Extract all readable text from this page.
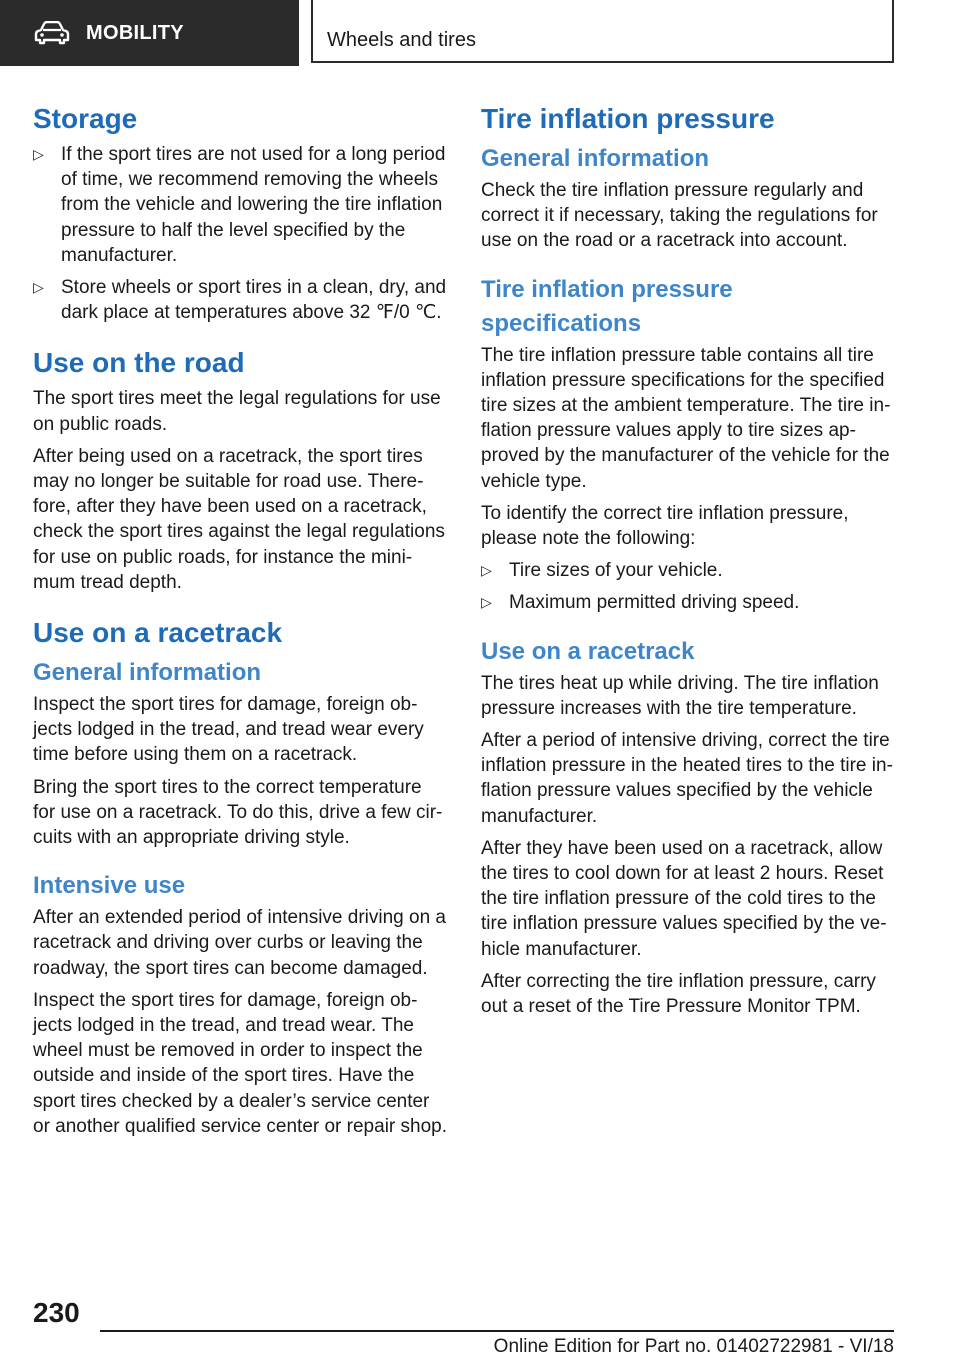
MOBILITY	Wheels and tires
Storage
▷ If the sport tires are not used for a long period of time, we recommend removing the wheels from the vehicle and lowering the tire inflation pressure to half the level specified by the manufacturer.
▷ Store wheels or sport tires in a clean, dry, and dark place at temperatures above 32 ℉/0 ℃.
Use on the road

The sport tires meet the legal regulations for use on public roads.

After being used on a racetrack, the sport tires may no longer be suitable for road use. There- fore, after they have been used on a racetrack, check the sport tires against the legal regulations for use on public roads, for instance the mini- mum tread depth.

Use on a racetrack
General information

Inspect the sport tires for damage, foreign ob- jects lodged in the tread, and tread wear every time before using them on a racetrack.

Bring the sport tires to the correct temperature for use on a racetrack. To do this, drive a few cir- cuits with an appropriate driving style.

Intensive use

After an extended period of intensive driving on a racetrack and driving over curbs or leaving the roadway, the sport tires can become damaged.

Inspect the sport tires for damage, foreign ob- jects lodged in the tread, and tread wear. The wheel must be removed in order to inspect the outside and inside of the sport tires. Have the sport tires checked by a dealer’s service center or another qualified service center or repair shop.

Tire inflation pressure
General information

Check the tire inflation pressure regularly and correct it if necessary, taking the regulations for use on the road or a racetrack into account.

Tire inflation pressure specifications

The tire inflation pressure table contains all tire inflation pressure specifications for the specified tire sizes at the ambient temperature. The tire in- flation pressure values apply to tire sizes ap- proved by the manufacturer of the vehicle for the vehicle type.

To identify the correct tire inflation pressure, please note the following:

▷ Tire sizes of your vehicle.
▷ Maximum permitted driving speed.
Use on a racetrack

The tires heat up while driving. The tire inflation pressure increases with the tire temperature.

After a period of intensive driving, correct the tire inflation pressure in the heated tires to the tire in- flation pressure values specified by the vehicle manufacturer.

After they have been used on a racetrack, allow the tires to cool down for at least 2 hours. Reset the tire inflation pressure of the cold tires to the tire inflation pressure values specified by the ve- hicle manufacturer.

After correcting the tire inflation pressure, carry out a reset of the Tire Pressure Monitor TPM.

230
Online Edition for Part no. 01402722981 - VI/18
